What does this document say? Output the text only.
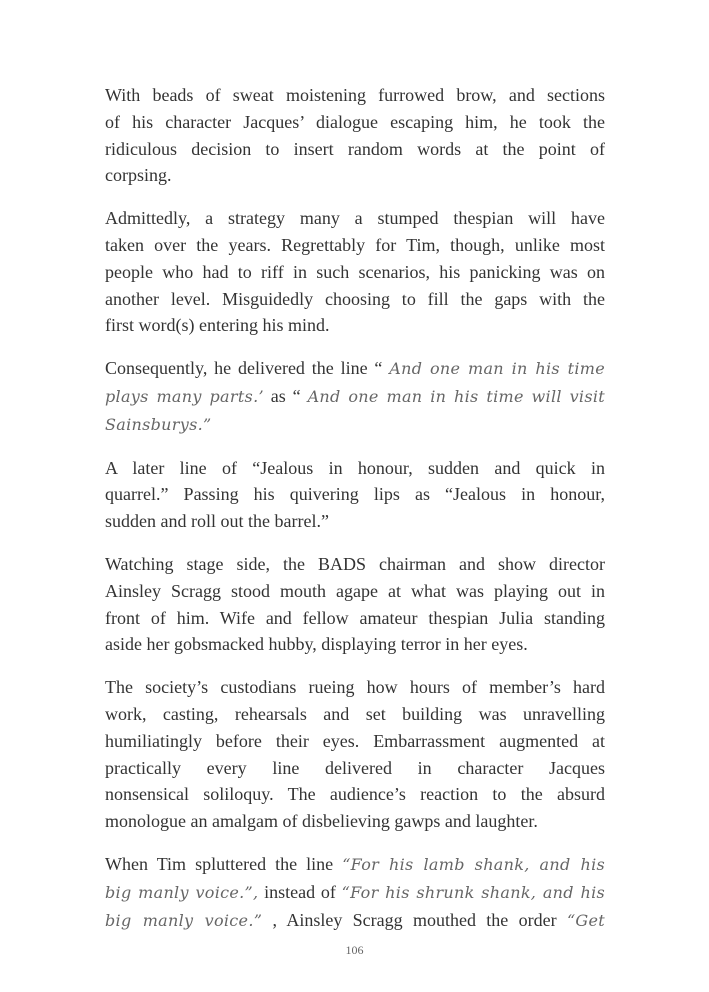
With beads of sweat moistening furrowed brow, and sections
of his character Jacques’ dialogue escaping him, he took the
ridiculous decision to insert random words at the point of
corpsing.
Admittedly, a strategy many a stumped thespian will have
taken over the years. Regrettably for Tim, though, unlike most
people who had to riff in such scenarios, his panicking was on
another level. Misguidedly choosing to fill the gaps with the
first word(s) entering his mind.
Consequently, he delivered the line “ And one man in his time
plays many parts.’ as “ And one man in his time will visit
Sainsburys.”
A later line of “Jealous in honour, sudden and quick in
quarrel.” Passing his quivering lips as “Jealous in honour,
sudden and roll out the barrel.”
Watching stage side, the BADS chairman and show director
Ainsley Scragg stood mouth agape at what was playing out in
front of him. Wife and fellow amateur thespian Julia standing
aside her gobsmacked hubby, displaying terror in her eyes.
The society’s custodians rueing how hours of member’s hard
work, casting, rehearsals and set building was unravelling
humiliatingly before their eyes. Embarrassment augmented at
practically every line delivered in character Jacques
nonsensical soliloquy. The audience’s reaction to the absurd
monologue an amalgam of disbelieving gawps and laughter.
When Tim spluttered the line “For his lamb shank, and his
big manly voice.”, instead of “For his shrunk shank, and his
big manly voice.” , Ainsley Scragg mouthed the order “Get
106
